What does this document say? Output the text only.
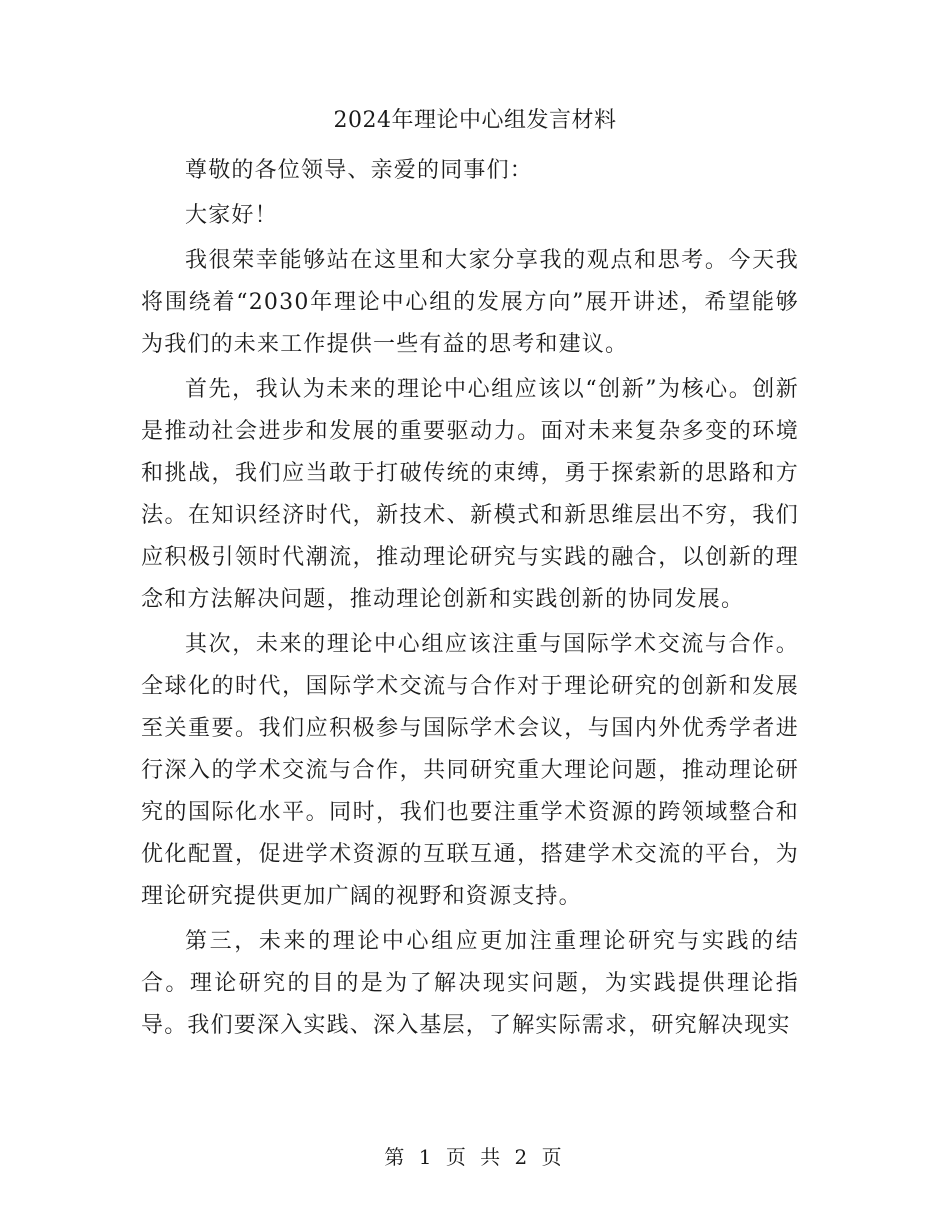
2024年理论中心组发言材料

尊敬的各位领导、亲爱的同事们：

大家好！

我很荣幸能够站在这里和大家分享我的观点和思考。今天我将围绕着“2030年理论中心组的发展方向”展开讲述，希望能够为我们的未来工作提供一些有益的思考和建议。

首先，我认为未来的理论中心组应该以“创新”为核心。创新是推动社会进步和发展的重要驱动力。面对未来复杂多变的环境和挑战，我们应当敢于打破传统的束缚，勇于探索新的思路和方法。在知识经济时代，新技术、新模式和新思维层出不穷，我们应积极引领时代潮流，推动理论研究与实践的融合，以创新的理念和方法解决问题，推动理论创新和实践创新的协同发展。

其次，未来的理论中心组应该注重与国际学术交流与合作。全球化的时代，国际学术交流与合作对于理论研究的创新和发展至关重要。我们应积极参与国际学术会议，与国内外优秀学者进行深入的学术交流与合作，共同研究重大理论问题，推动理论研究的国际化水平。同时，我们也要注重学术资源的跨领域整合和优化配置，促进学术资源的互联互通，搭建学术交流的平台，为理论研究提供更加广阔的视野和资源支持。

第三，未来的理论中心组应更加注重理论研究与实践的结合。理论研究的目的是为了解决现实问题，为实践提供理论指导。我们要深入实践、深入基层，了解实际需求，研究解决现实

第 1 页 共 2 页
